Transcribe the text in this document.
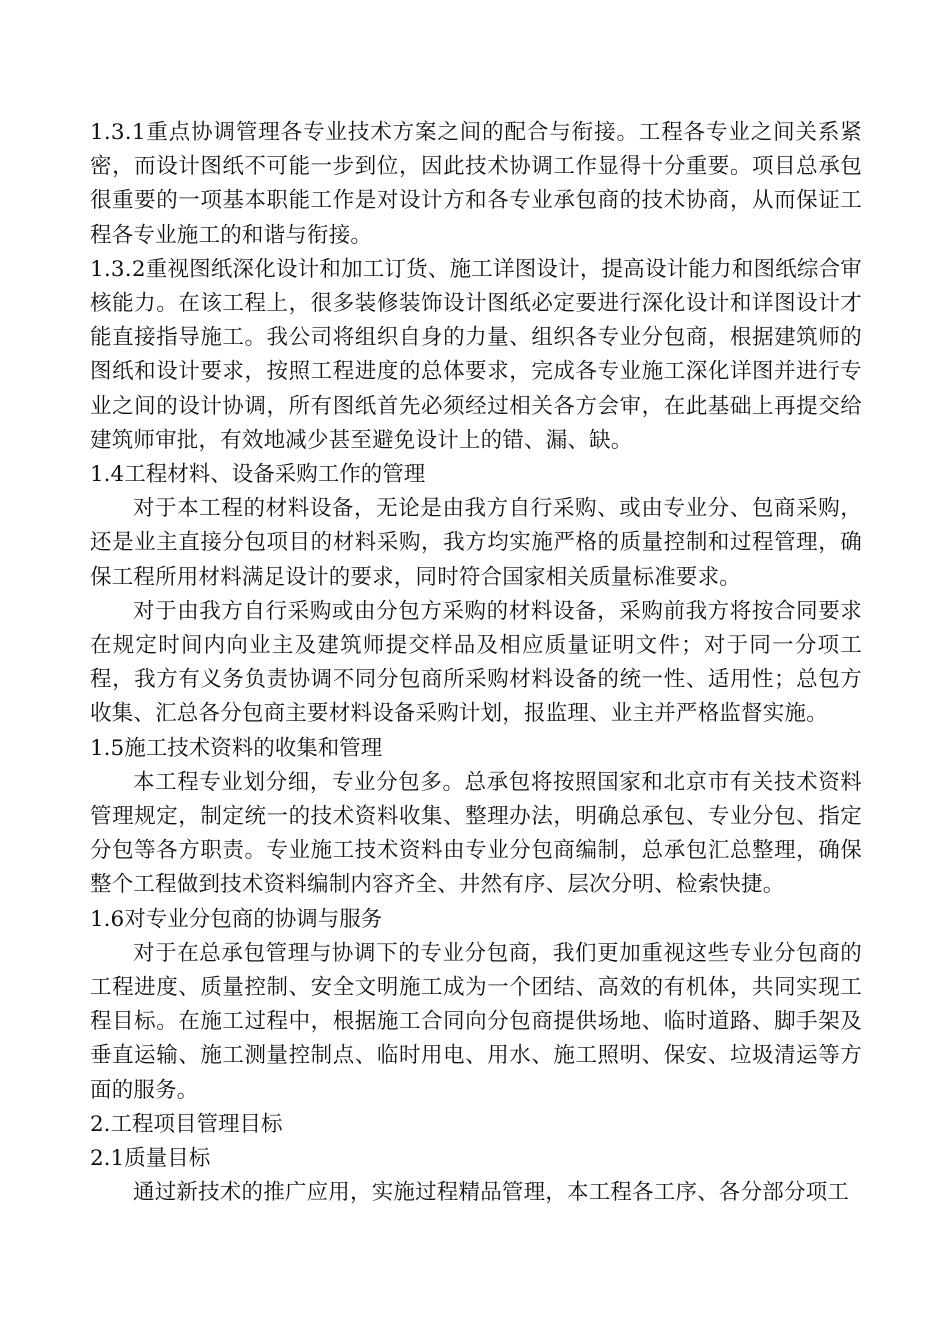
1.3.1重点协调管理各专业技术方案之间的配合与衔接。工程各专业之间关系紧密，而设计图纸不可能一步到位，因此技术协调工作显得十分重要。项目总承包很重要的一项基本职能工作是对设计方和各专业承包商的技术协商，从而保证工程各专业施工的和谐与衔接。

1.3.2重视图纸深化设计和加工订货、施工详图设计，提高设计能力和图纸综合审核能力。在该工程上，很多装修装饰设计图纸必定要进行深化设计和详图设计才能直接指导施工。我公司将组织自身的力量、组织各专业分包商，根据建筑师的图纸和设计要求，按照工程进度的总体要求，完成各专业施工深化详图并进行专业之间的设计协调，所有图纸首先必须经过相关各方会审，在此基础上再提交给建筑师审批，有效地减少甚至避免设计上的错、漏、缺。

1.4工程材料、设备采购工作的管理

对于本工程的材料设备，无论是由我方自行采购、或由专业分、包商采购，还是业主直接分包项目的材料采购，我方均实施严格的质量控制和过程管理，确保工程所用材料满足设计的要求，同时符合国家相关质量标准要求。

对于由我方自行采购或由分包方采购的材料设备，采购前我方将按合同要求在规定时间内向业主及建筑师提交样品及相应质量证明文件；对于同一分项工程，我方有义务负责协调不同分包商所采购材料设备的统一性、适用性；总包方收集、汇总各分包商主要材料设备采购计划，报监理、业主并严格监督实施。

1.5施工技术资料的收集和管理

本工程专业划分细，专业分包多。总承包将按照国家和北京市有关技术资料管理规定，制定统一的技术资料收集、整理办法，明确总承包、专业分包、指定分包等各方职责。专业施工技术资料由专业分包商编制，总承包汇总整理，确保整个工程做到技术资料编制内容齐全、井然有序、层次分明、检索快捷。

1.6对专业分包商的协调与服务

对于在总承包管理与协调下的专业分包商，我们更加重视这些专业分包商的工程进度、质量控制、安全文明施工成为一个团结、高效的有机体，共同实现工程目标。在施工过程中，根据施工合同向分包商提供场地、临时道路、脚手架及垂直运输、施工测量控制点、临时用电、用水、施工照明、保安、垃圾清运等方面的服务。

2.工程项目管理目标

2.1质量目标

通过新技术的推广应用，实施过程精品管理，本工程各工序、各分部分项工
